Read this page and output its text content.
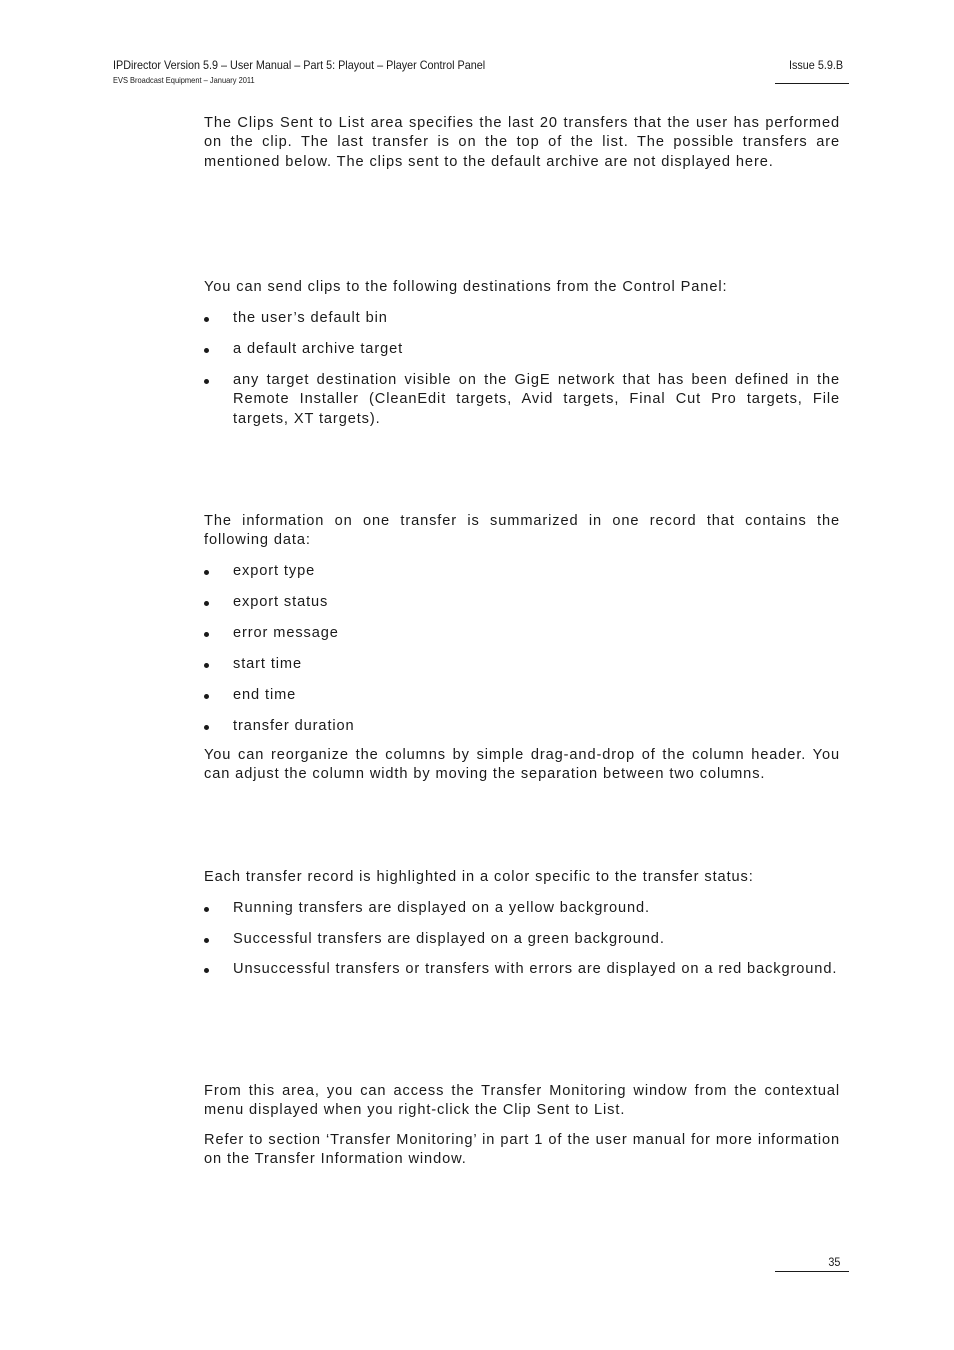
IPDirector Version 5.9 – User Manual – Part 5: Playout – Player Control Panel
EVS Broadcast Equipment – January 2011
Issue 5.9.B

The Clips Sent to List area specifies the last 20 transfers that the user has performed on the clip. The last transfer is on the top of the list. The possible transfers are mentioned below. The clips sent to the default archive are not displayed here.

You can send clips to the following destinations from the Control Panel:

the user’s default bin
a default archive target
any target destination visible on the GigE network that has been defined in the Remote Installer (CleanEdit targets, Avid targets, Final Cut Pro targets, File targets, XT targets).

The information on one transfer is summarized in one record that contains the following data:

export type
export status
error message
start time
end time
transfer duration

You can reorganize the columns by simple drag-and-drop of the column header. You can adjust the column width by moving the separation between two columns.

Each transfer record is highlighted in a color specific to the transfer status:

Running transfers are displayed on a yellow background.
Successful transfers are displayed on a green background.
Unsuccessful transfers or transfers with errors are displayed on a red background.

From this area, you can access the Transfer Monitoring window from the contextual menu displayed when you right-click the Clip Sent to List.

Refer to section ‘Transfer Monitoring’ in part 1 of the user manual for more information on the Transfer Information window.

35
